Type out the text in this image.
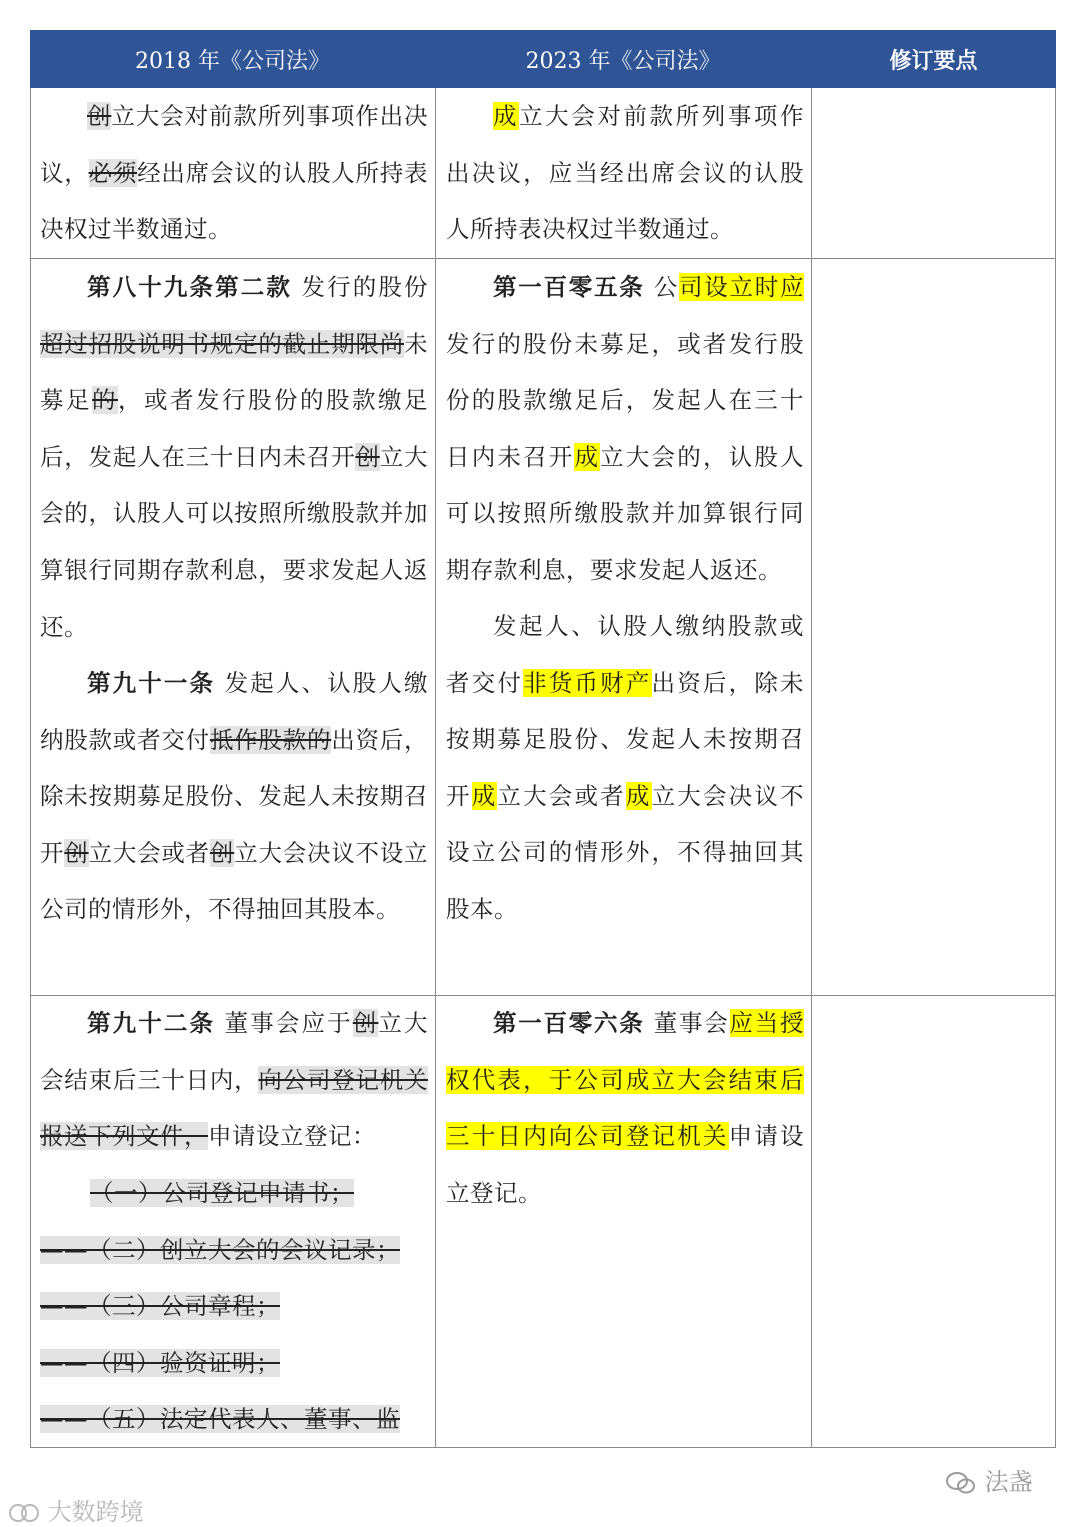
2018 年《公司法》	2023 年《公司法》	修订要点

创立大会对前款所列事项作出决议，必须经出席会议的认股人所持表决权过半数通过。

成立大会对前款所列事项作出决议，应当经出席会议的认股人所持表决权过半数通过。

第八十九条第二款 发行的股份超过招股说明书规定的截止期限尚未募足的，或者发行股份的股款缴足后，发起人在三十日内未召开创立大会的，认股人可以按照所缴股款并加算银行同期存款利息，要求发起人返还。

第九十一条 发起人、认股人缴纳股款或者交付抵作股款的出资后，除未按期募足股份、发起人未按期召开创立大会或者创立大会决议不设立公司的情形外，不得抽回其股本。

第一百零五条 公司设立时应发行的股份未募足，或者发行股份的股款缴足后，发起人在三十日内未召开成立大会的，认股人可以按照所缴股款并加算银行同期存款利息，要求发起人返还。

发起人、认股人缴纳股款或者交付非货币财产出资后，除未按期募足股份、发起人未按期召开成立大会或者成立大会决议不设立公司的情形外，不得抽回其股本。

第九十二条 董事会应于创立大会结束后三十日内，向公司登记机关报送下列文件，申请设立登记：

（一）公司登记申请书；

——（二）创立大会的会议记录；

——（三）公司章程；

——（四）验资证明；

——（五）法定代表人、董事、监

第一百零六条 董事会应当授权代表，于公司成立大会结束后三十日内向公司登记机关申请设立登记。

法盏
大数跨境
